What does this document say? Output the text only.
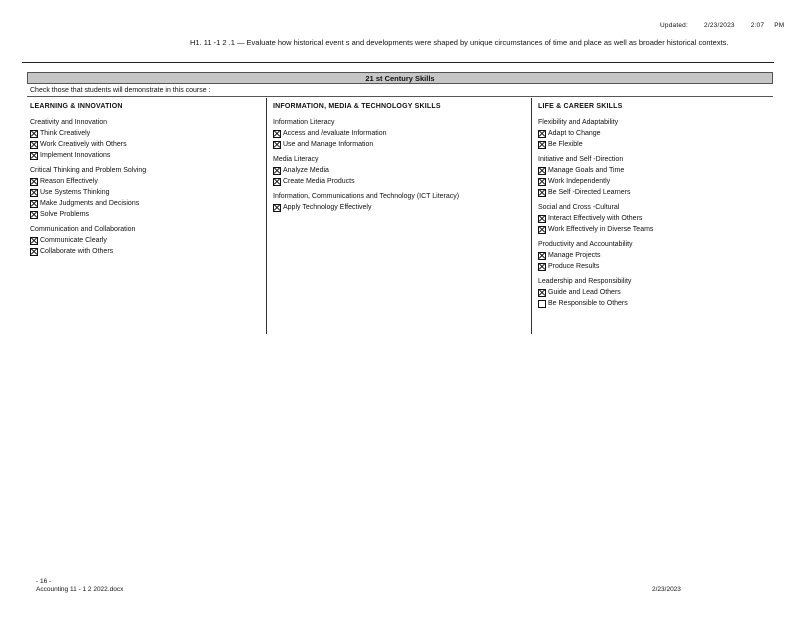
Updated: 2/23/2023 2:07 PM
H1. 11 -1 2 .1 — Evaluate how historical event s and developments were shaped by unique circumstances of time and place as well as broader historical contexts.
21 st Century Skills
Check those that students will demonstrate in this course :
LEARNING & INNOVATION
Creativity and Innovation
Think Creatively
Work Creatively with Others
Implement Innovations
Critical Thinking and Problem Solving
Reason Effectively
Use Systems Thinking
Make Judgments and Decisions
Solve Problems
Communication and Collaboration
Communicate Clearly
Collaborate with Others
INFORMATION, MEDIA & TECHNOLOGY SKILLS
Information Literacy
Access and /evaluate Information
Use and Manage Information
Media Literacy
Analyze Media
Create Media Products
Information, Communications and Technology (ICT Literacy)
Apply Technology Effectively
LIFE & CAREER SKILLS
Flexibility and Adaptability
Adapt to Change
Be Flexible
Initiative and Self -Direction
Manage Goals and Time
Work Independently
Be Self -Directed Learners
Social and Cross -Cultural
Interact Effectively with Others
Work Effectively in Diverse Teams
Productivity and Accountability
Manage Projects
Produce Results
Leadership and Responsibility
Guide and Lead Others
Be Responsible to Others
- 16 -
Accounting 11 - 1 2 2022.docx	2/23/2023
